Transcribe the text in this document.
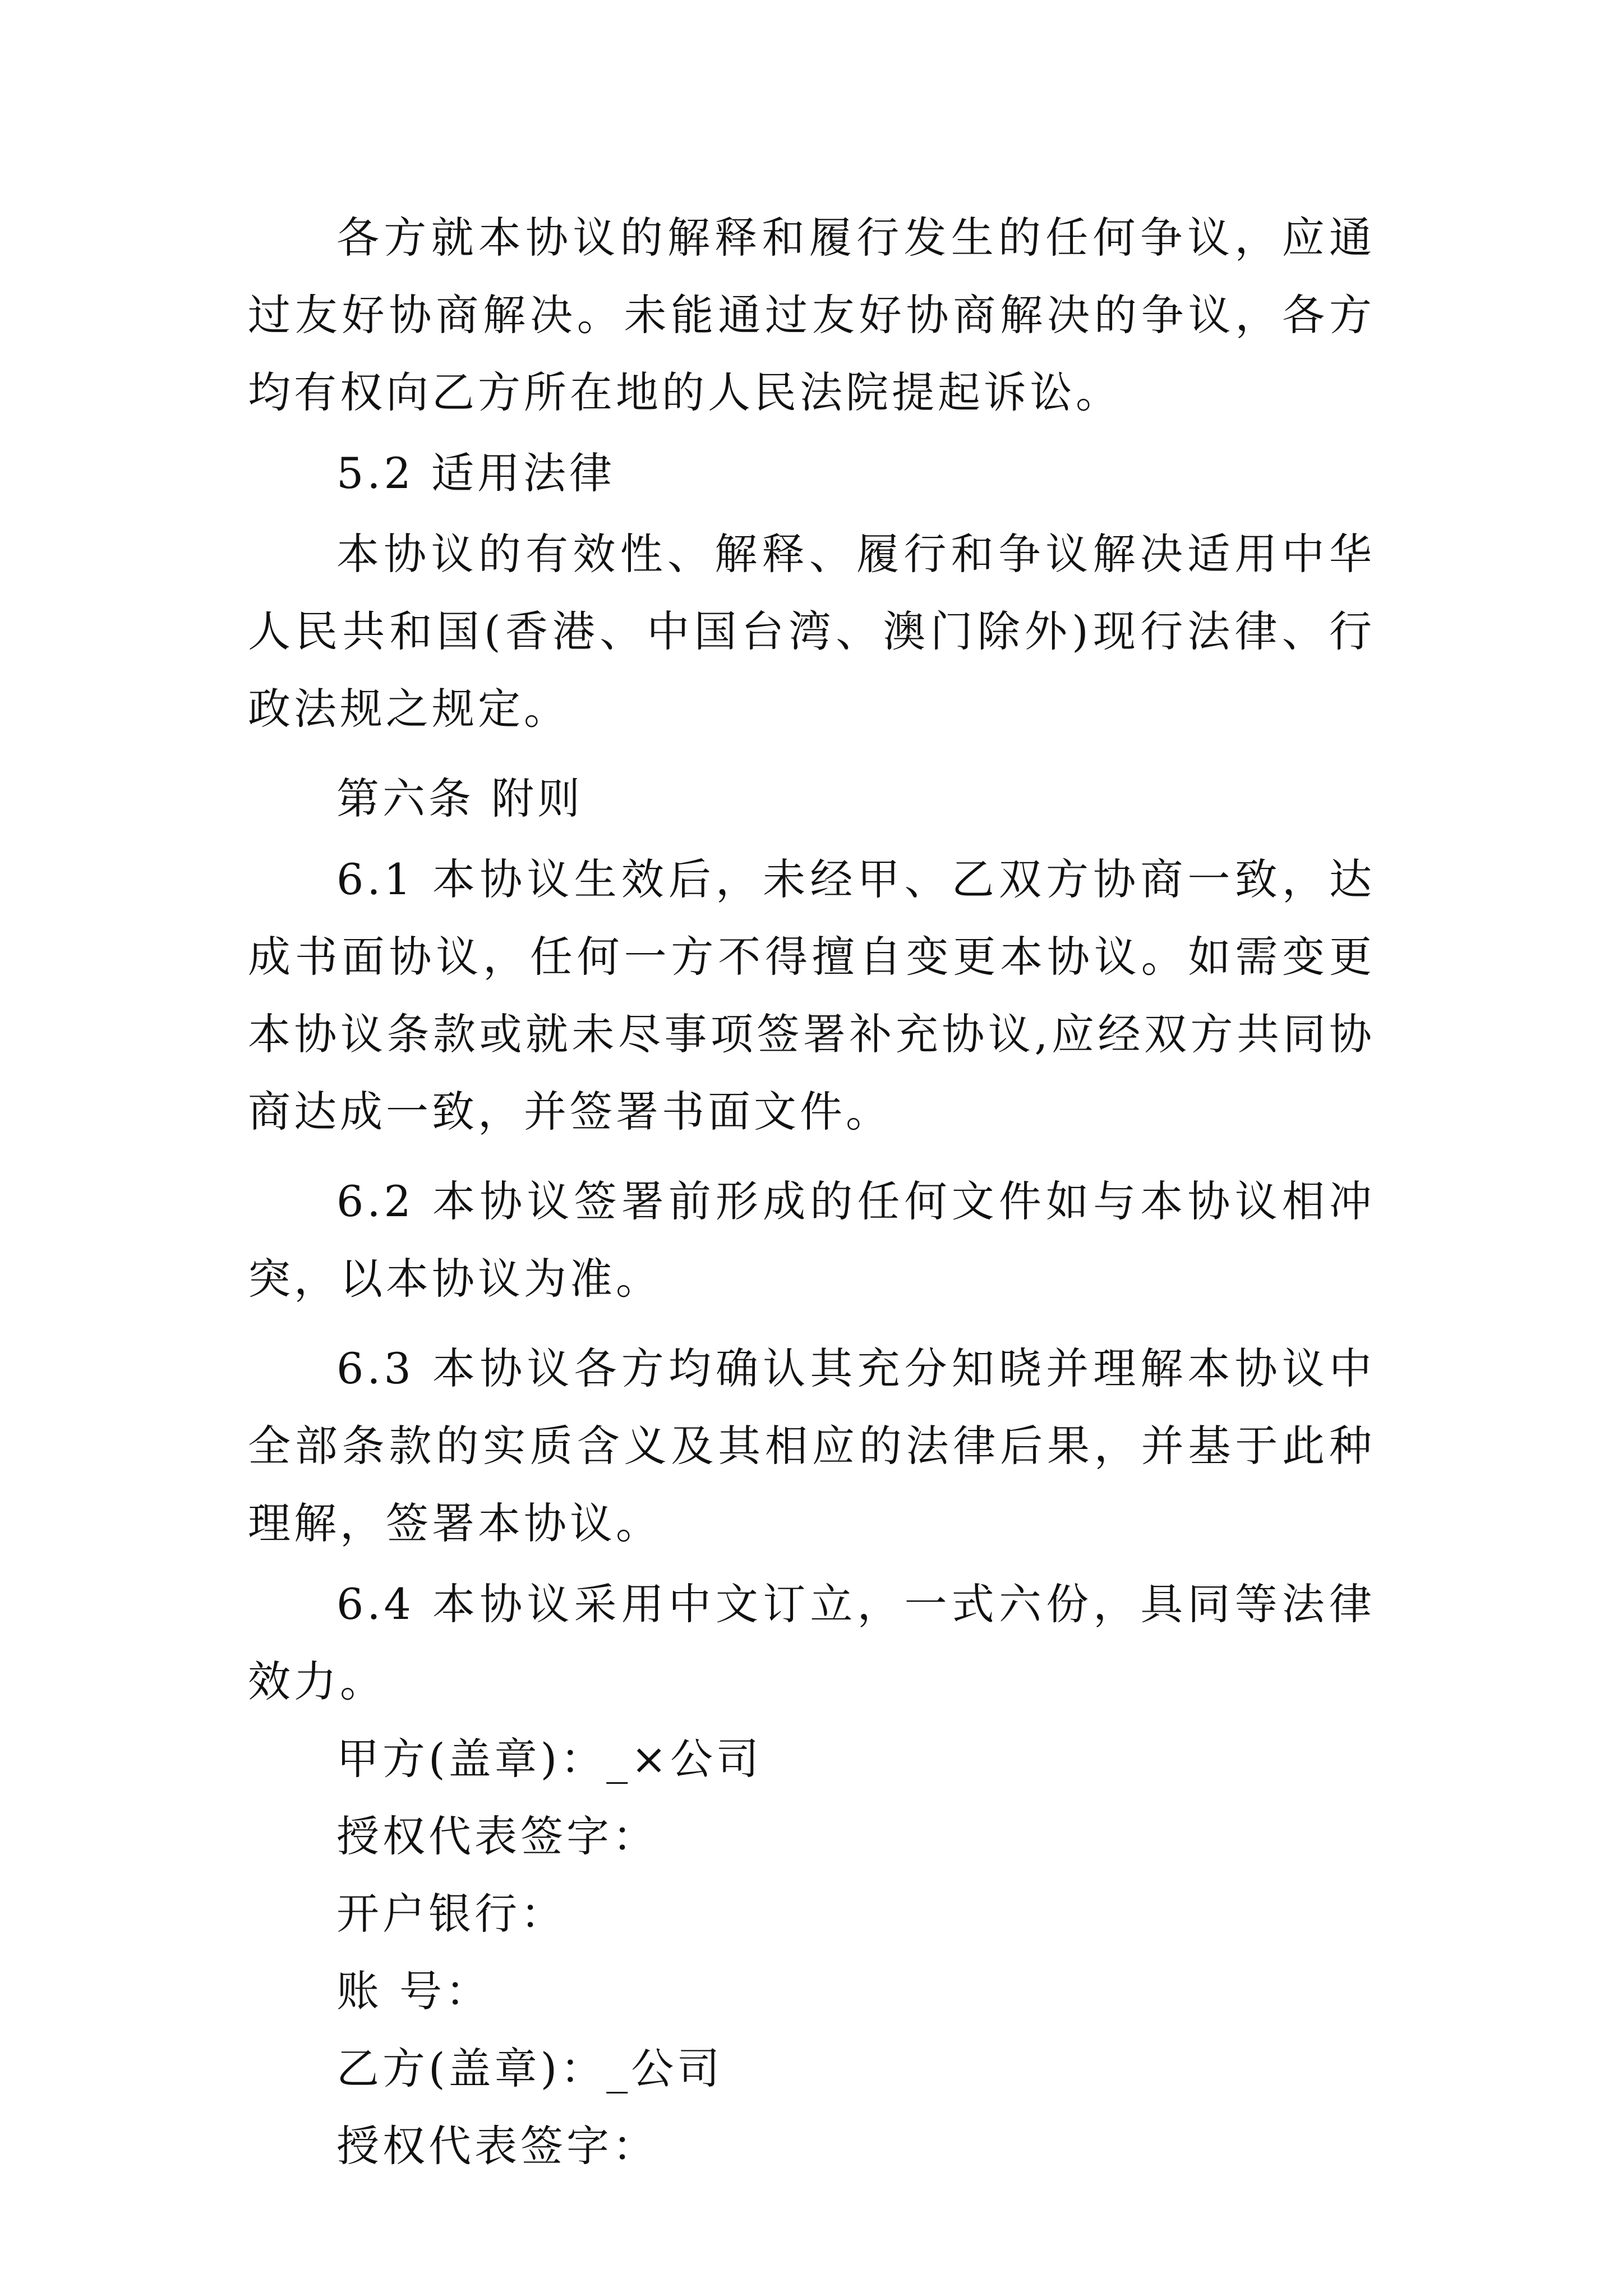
各方就本协议的解释和履行发生的任何争议，应通过友好协商解决。未能通过友好协商解决的争议，各方均有权向乙方所在地的人民法院提起诉讼。

5.2 适用法律

本协议的有效性、解释、履行和争议解决适用中华人民共和国(香港、中国台湾、澳门除外)现行法律、行政法规之规定。

第六条 附则

6.1 本协议生效后，未经甲、乙双方协商一致，达成书面协议，任何一方不得擅自变更本协议。如需变更本协议条款或就未尽事项签署补充协议,应经双方共同协商达成一致，并签署书面文件。

6.2 本协议签署前形成的任何文件如与本协议相冲突，以本协议为准。

6.3 本协议各方均确认其充分知晓并理解本协议中全部条款的实质含义及其相应的法律后果，并基于此种理解，签署本协议。

6.4 本协议采用中文订立，一式六份，具同等法律效力。

甲方(盖章)：_×公司

授权代表签字：

开户银行：

账 号：

乙方(盖章)：_公司

授权代表签字：
